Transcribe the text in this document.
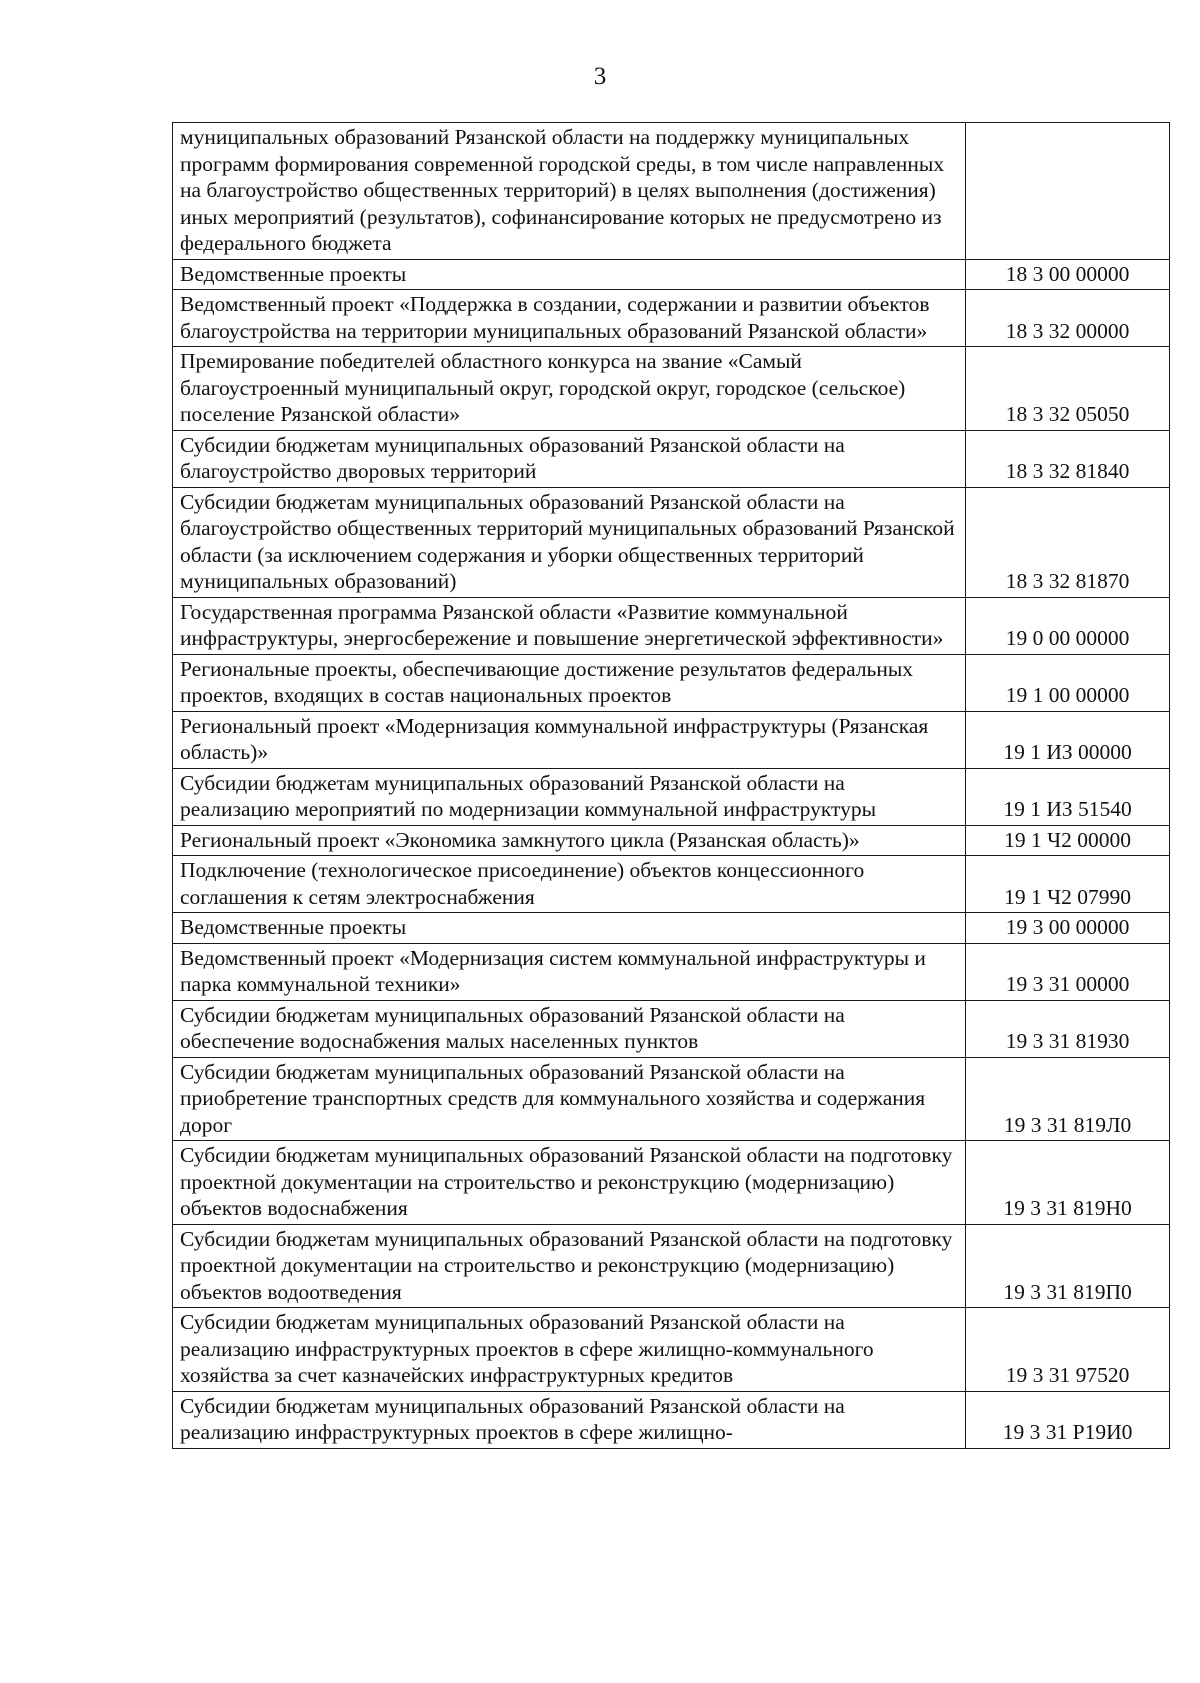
3
муниципальных образований Рязанской области на поддержку муниципальных программ формирования современной городской среды, в том числе направленных на благоустройство общественных территорий) в целях выполнения (достижения) иных мероприятий (результатов), софинансирование которых не предусмотрено из федерального бюджета	
Ведомственные проекты	18 3 00 00000
Ведомственный проект «Поддержка в создании, содержании и развитии объектов благоустройства на территории муниципальных образований Рязанской области»	18 3 32 00000
Премирование победителей областного конкурса на звание «Самый благоустроенный муниципальный округ, городской округ, городское (сельское) поселение Рязанской области»	18 3 32 05050
Субсидии бюджетам муниципальных образований Рязанской области на благоустройство дворовых территорий	18 3 32 81840
Субсидии бюджетам муниципальных образований Рязанской области на благоустройство общественных территорий муниципальных образований Рязанской области (за исключением содержания и уборки общественных территорий муниципальных образований)	18 3 32 81870
Государственная программа Рязанской области «Развитие коммунальной инфраструктуры, энергосбережение и повышение энергетической эффективности»	19 0 00 00000
Региональные проекты, обеспечивающие достижение результатов федеральных проектов, входящих в состав национальных проектов	19 1 00 00000
Региональный проект «Модернизация коммунальной инфраструктуры (Рязанская область)»	19 1 ИЗ 00000
Субсидии бюджетам муниципальных образований Рязанской области на реализацию мероприятий по модернизации коммунальной инфраструктуры	19 1 ИЗ 51540
Региональный проект «Экономика замкнутого цикла (Рязанская область)»	19 1 Ч2 00000
Подключение (технологическое присоединение) объектов концессионного соглашения к сетям электроснабжения	19 1 Ч2 07990
Ведомственные проекты	19 3 00 00000
Ведомственный проект «Модернизация систем коммунальной инфраструктуры и парка коммунальной техники»	19 3 31 00000
Субсидии бюджетам муниципальных образований Рязанской области на обеспечение водоснабжения малых населенных пунктов	19 3 31 81930
Субсидии бюджетам муниципальных образований Рязанской области на приобретение транспортных средств для коммунального хозяйства и содержания дорог	19 3 31 819Л0
Субсидии бюджетам муниципальных образований Рязанской области на подготовку проектной документации на строительство и реконструкцию (модернизацию) объектов водоснабжения	19 3 31 819Н0
Субсидии бюджетам муниципальных образований Рязанской области на подготовку проектной документации на строительство и реконструкцию (модернизацию) объектов водоотведения	19 3 31 819П0
Субсидии бюджетам муниципальных образований Рязанской области на реализацию инфраструктурных проектов в сфере жилищно-коммунального хозяйства за счет казначейских инфраструктурных кредитов	19 3 31 97520
Субсидии бюджетам муниципальных образований Рязанской области на реализацию инфраструктурных проектов в сфере жилищно-	19 3 31 Р19И0
